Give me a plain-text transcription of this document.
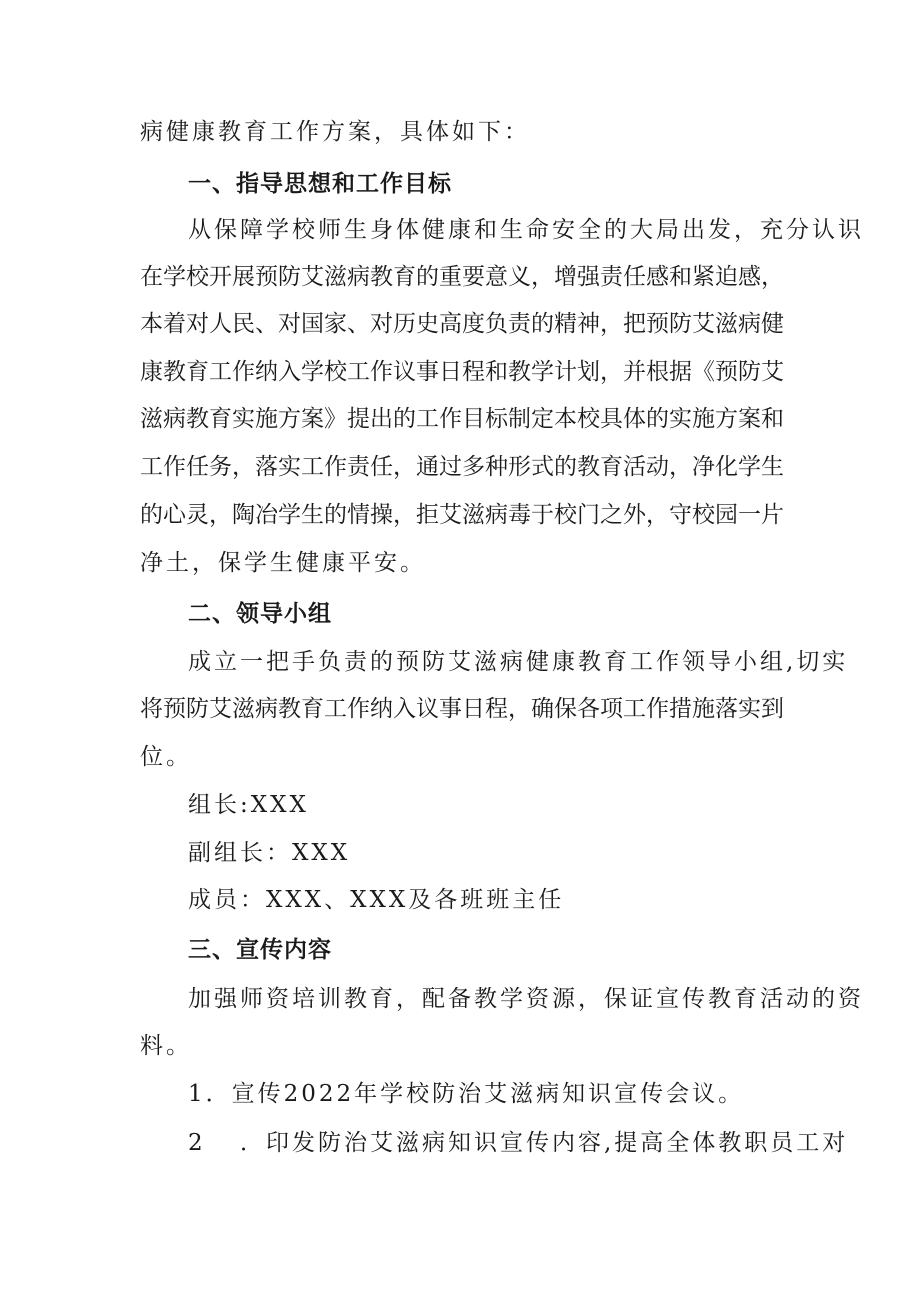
病健康教育工作方案，具体如下：
一、指导思想和工作目标
从保障学校师生身体健康和生命安全的大局出发，充分认识
在学校开展预防艾滋病教育的重要意义，增强责任感和紧迫感，
本着对人民、对国家、对历史高度负责的精神，把预防艾滋病健
康教育工作纳入学校工作议事日程和教学计划，并根据《预防艾
滋病教育实施方案》提出的工作目标制定本校具体的实施方案和
工作任务，落实工作责任，通过多种形式的教育活动，净化学生
的心灵，陶冶学生的情操，拒艾滋病毒于校门之外，守校园一片
净土，保学生健康平安。
二、领导小组
成立一把手负责的预防艾滋病健康教育工作领导小组,切实
将预防艾滋病教育工作纳入议事日程，确保各项工作措施落实到
位。
组长:XXX
副组长：XXX
成员：XXX、XXX及各班班主任
三、宣传内容
加强师资培训教育，配备教学资源，保证宣传教育活动的资
料。
1．宣传2022年学校防治艾滋病知识宣传会议。
2 ．印发防治艾滋病知识宣传内容,提高全体教职员工对
